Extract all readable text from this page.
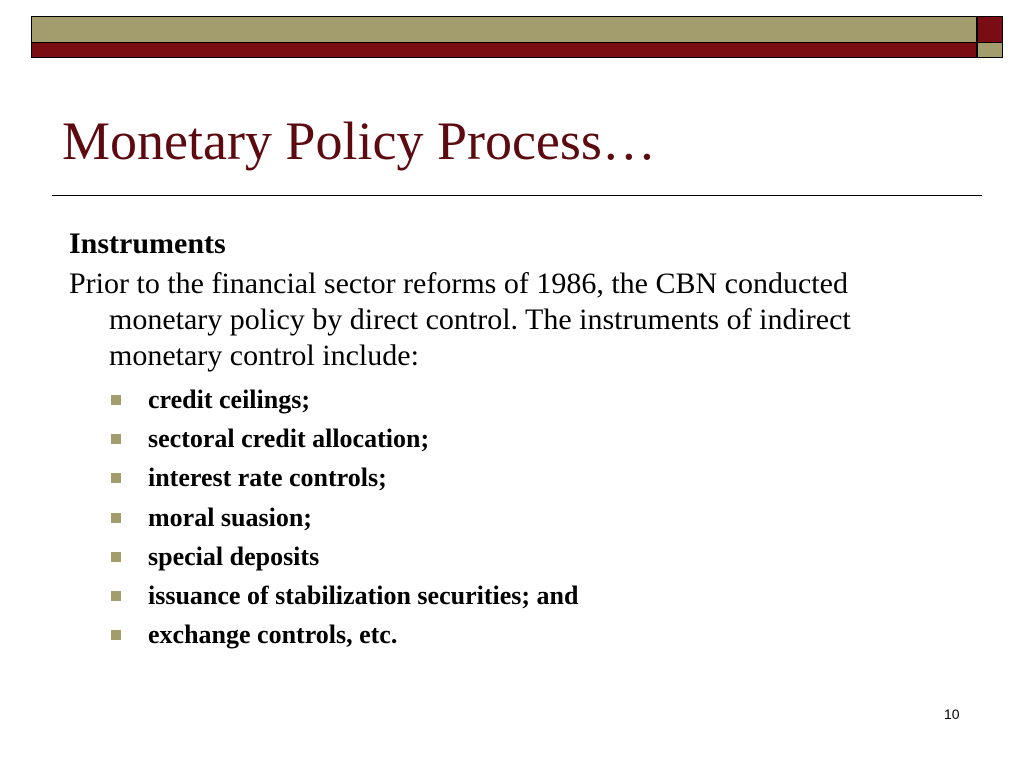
Monetary Policy Process…

Instruments

Prior to the financial sector reforms of 1986, the CBN conducted monetary policy by direct control. The instruments of indirect monetary control include:

credit ceilings;
sectoral credit allocation;
interest rate controls;
moral suasion;
special deposits
issuance of stabilization securities; and
exchange controls, etc.
10
